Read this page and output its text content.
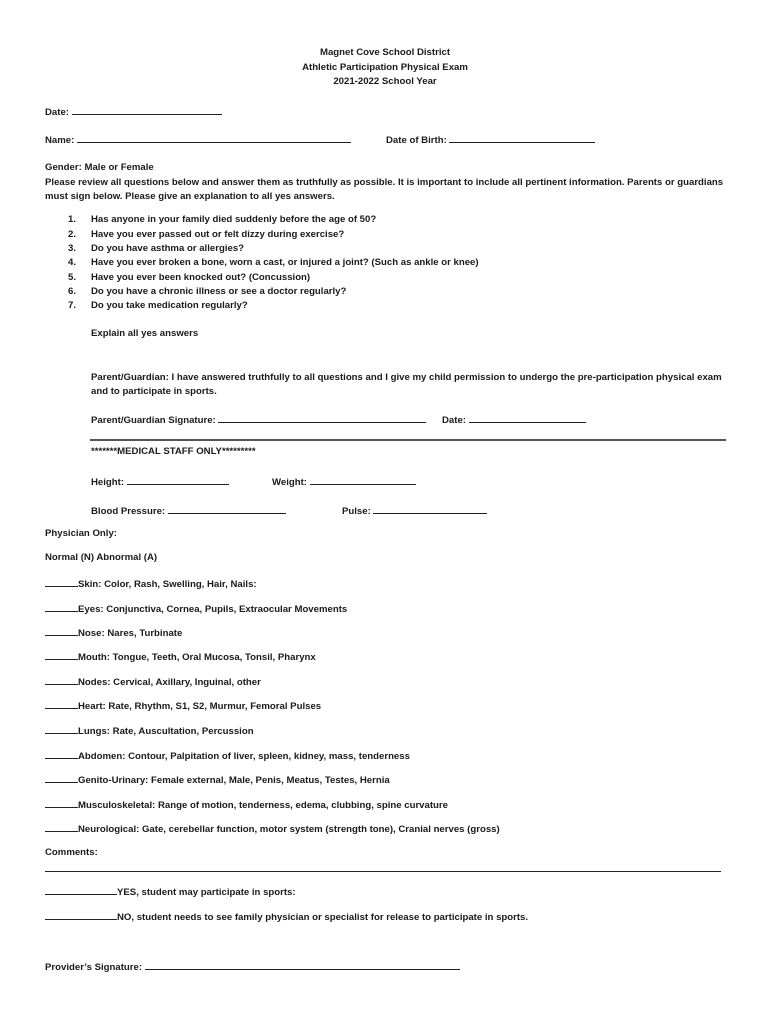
Magnet Cove School District
Athletic Participation Physical Exam
2021-2022 School Year
Date:
Name:	Date of Birth:
Gender: Male or Female
Please review all questions below and answer them as truthfully as possible. It is important to include all pertinent information. Parents or guardians must sign below. Please give an explanation to all yes answers.
1. Has anyone in your family died suddenly before the age of 50?
2. Have you ever passed out or felt dizzy during exercise?
3. Do you have asthma or allergies?
4. Have you ever broken a bone, worn a cast, or injured a joint? (Such as ankle or knee)
5. Have you ever been knocked out? (Concussion)
6. Do you have a chronic illness or see a doctor regularly?
7. Do you take medication regularly?
Explain all yes answers
Parent/Guardian: I have answered truthfully to all questions and I give my child permission to undergo the pre-participation physical exam and to participate in sports.
Parent/Guardian Signature:	Date:
*******MEDICAL STAFF ONLY*********
Height:	Weight:
Blood Pressure:	Pulse:
Physician Only:
Normal (N) Abnormal (A)
Skin: Color, Rash, Swelling, Hair, Nails:
Eyes: Conjunctiva, Cornea, Pupils, Extraocular Movements
Nose: Nares, Turbinate
Mouth: Tongue, Teeth, Oral Mucosa, Tonsil, Pharynx
Nodes: Cervical, Axillary, Inguinal, other
Heart: Rate, Rhythm, S1, S2, Murmur, Femoral Pulses
Lungs: Rate, Auscultation, Percussion
Abdomen: Contour, Palpitation of liver, spleen, kidney, mass, tenderness
Genito-Urinary: Female external, Male, Penis, Meatus, Testes, Hernia
Musculoskeletal: Range of motion, tenderness, edema, clubbing, spine curvature
Neurological: Gate, cerebellar function, motor system (strength tone), Cranial nerves (gross)
Comments:
YES, student may participate in sports:
NO, student needs to see family physician or specialist for release to participate in sports.
Provider’s Signature:
